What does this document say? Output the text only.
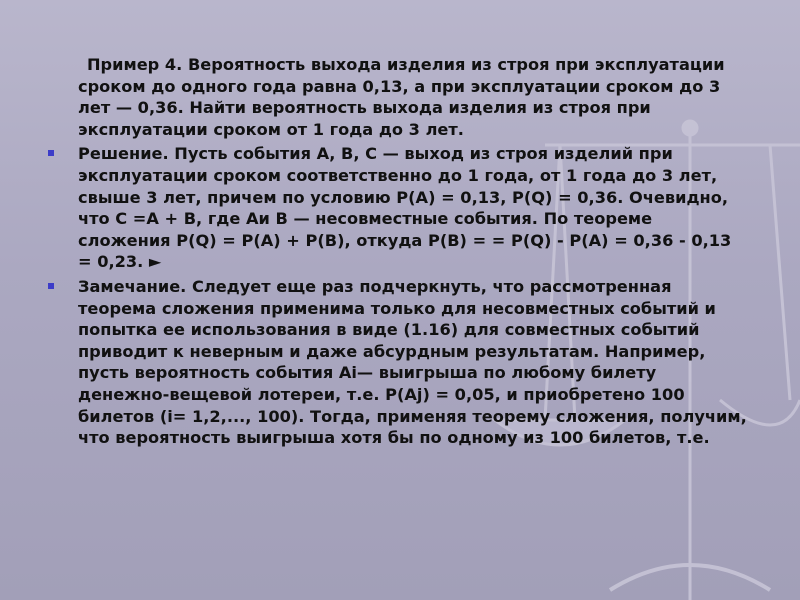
Пример 4. Вероятность выхода изделия из строя при эксплуатации сроком до одного года равна 0,13, а при эксплуатации сроком до 3 лет — 0,36. Найти вероятность выхода изделия из строя при эксплуатации сроком от 1 года до 3 лет.

Решение. Пусть события А, В, С — выход из строя изделий при эксплуатации сроком соответственно до 1 года, от 1 года до 3 лет, свыше 3 лет, причем по условию Р(А) = 0,13, P(Q) = 0,36. Очевидно, что С =А + В, где Аи В — несовместные события. По теореме сложения P(Q) = Р(А) + Р(В), откуда Р(В) = = P(Q) - Р(А) = 0,36 - 0,13 = 0,23. ►

Замечание. Следует еще раз подчеркнуть, что рассмотренная теорема сложения применима только для несовместных событий и попытка ее использования в виде (1.16) для совместных событий приводит к неверным и даже абсурдным результатам. Например, пусть вероятность события Ai— выигрыша по любому билету денежно-вещевой лотереи, т.е. P(Aj) = 0,05, и приобретено 100 билетов (i= 1,2,..., 100). Тогда, применяя теорему сложения, получим, что вероятность выигрыша хотя бы по одному из 100 билетов, т.е.
